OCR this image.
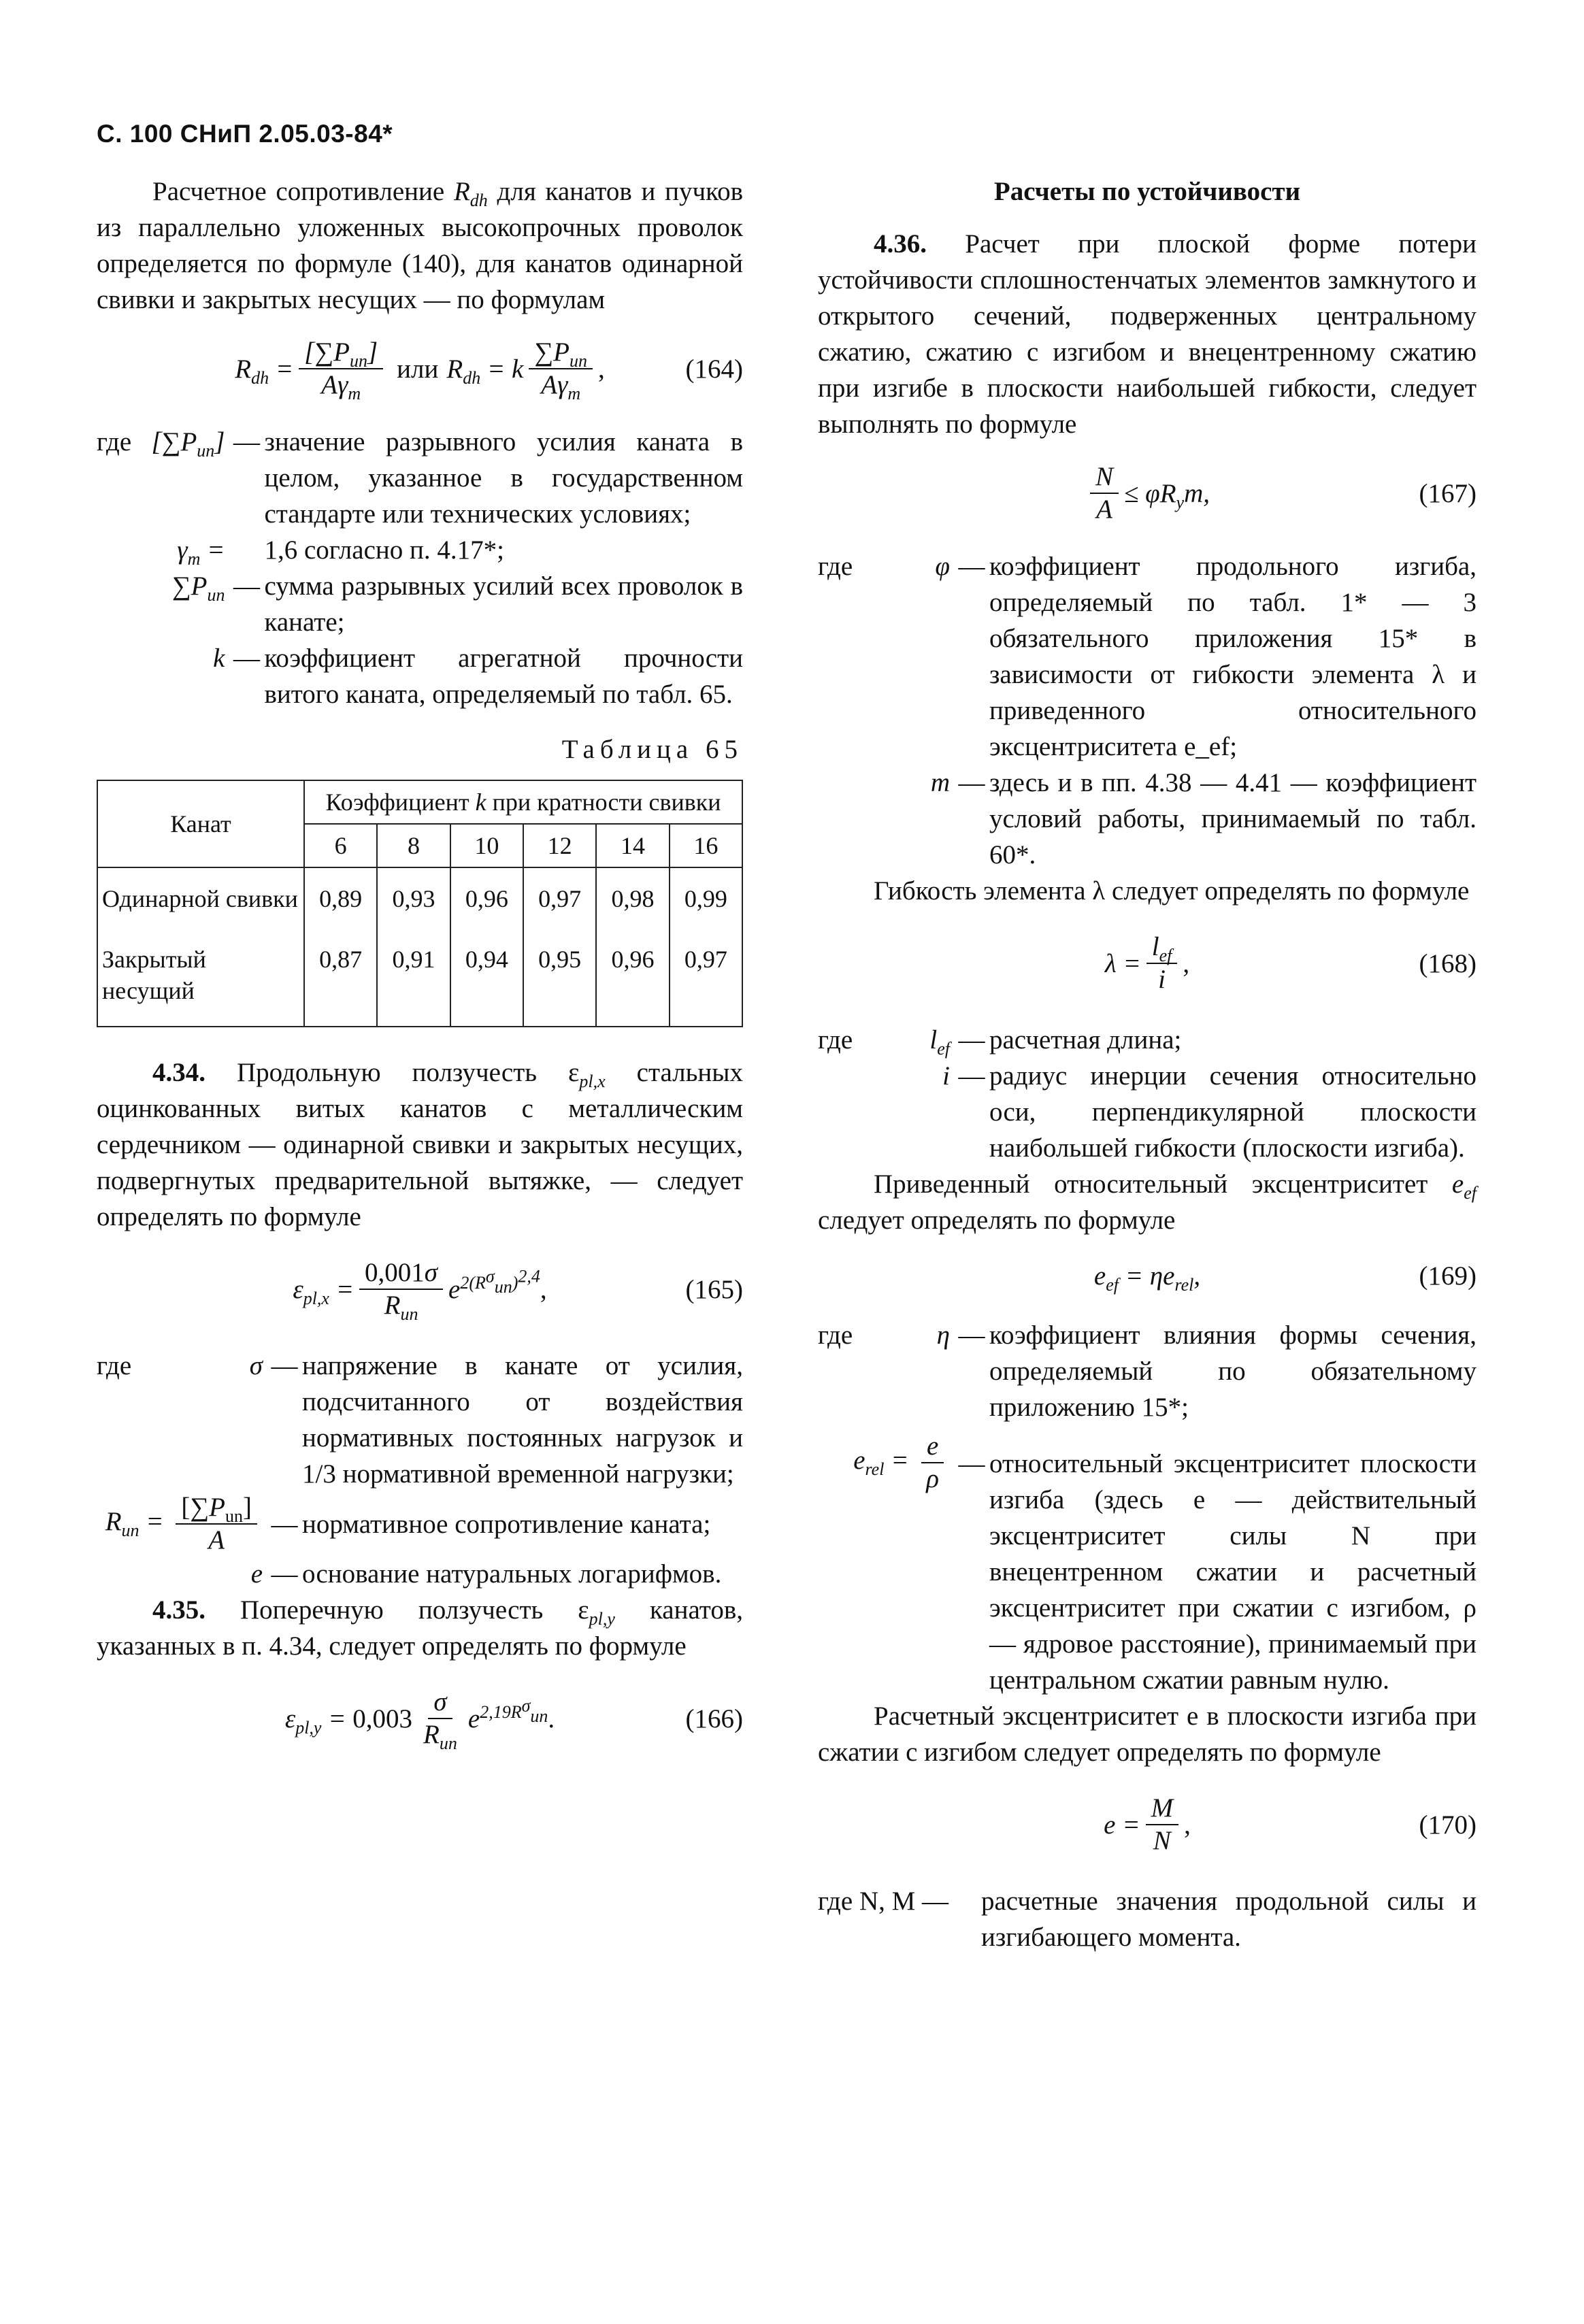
С. 100 СНиП 2.05.03-84*

Расчетное сопротивление $R_{dh}$ для канатов и пучков из параллельно уложенных высокопрочных проволок определяется по формуле (140), для канатов одинарной свивки и закрытых несущих — по формулам

$R_{dh} = \frac{[\sum P_{un}]}{A\gamma_m}$ или $R_{dh} = k \frac{\sum P_{un}}{A\gamma_m}$ ,	(164)
где   $[\sum P_{un}]$ — значение разрывного усилия каната в целом, указанное в государственном стандарте или технических условиях;
$\gamma_m = 1,6$ согласно п. 4.17*;
$\sum P_{un}$ — сумма разрывных усилий всех проволок в канате;
k — коэффициент агрегатной прочности витого каната, определяемый по табл. 65.
Таблица 65
Канат	Коэффициент k при кратности свивки					
	6	8	10	12	14	16
Одинарной свивки	0,89	0,93	0,96	0,97	0,98	0,99
Закрытый несущий	0,87	0,91	0,94	0,95	0,96	0,97

4.34. Продольную ползучесть $\varepsilon_{pl,x}$ стальных оцинкованных витых канатов с металлическим сердечником — одинарной свивки и закрытых несущих, подвергнутых предварительной вытяжке, — следует определять по формуле

$\varepsilon_{pl,x} = \frac{0,001\sigma}{R_{un}} e^{2(R^\sigma_{un})^{2,4}}$ ,	(165)
где	σ — напряжение в канате от усилия, подсчитанного от воздействия нормативных постоянных нагрузок и 1/3 нормативной временной нагрузки;
$R_{un} = \frac{[\sum P_{un}]}{A}$ — нормативное сопротивление каната;
e — основание натуральных логарифмов.

4.35. Поперечную ползучесть $\varepsilon_{pl,y}$ канатов, указанных в п. 4.34, следует определять по формуле

$\varepsilon_{pl,y} = 0,003 \frac{\sigma}{R_{un}} e^{2,19R^\sigma_{un}}$ .	(166)

Расчеты по устойчивости

4.36. Расчет при плоской форме потери устойчивости сплошностенчатых элементов замкнутого и открытого сечений, подверженных центральному сжатию, сжатию с изгибом и внецентренному сжатию при изгибе в плоскости наибольшей гибкости, следует выполнять по формуле

$\frac{N}{A} \le \varphi R_ym$,	(167)
где	φ — коэффициент продольного изгиба, определяемый по табл. 1* — 3 обязательного приложения 15* в зависимости от гибкости элемента λ и приведенного относительного эксцентриситета e_ef;
m — здесь и в пп. 4.38 — 4.41 — коэффициент условий работы, принимаемый по табл. 60*.

Гибкость элемента λ следует определять по формуле

$\lambda = \frac{l_{ef}}{i}$ ,	(168)
где	$l_{ef}$ — расчетная длина;
i — радиус инерции сечения относительно оси, перпендикулярной плоскости наибольшей гибкости (плоскости изгиба).

Приведенный относительный эксцентриситет $e_{ef}$ следует определять по формуле

$e_{ef} = \eta e_{rel}$,	(169)
где	η — коэффициент влияния формы сечения, определяемый по обязательному приложению 15*;
$e_{rel} = \frac{e}{\rho}$ — относительный эксцентриситет плоскости изгиба (здесь e — действительный эксцентриситет силы N при внецентренном сжатии и расчетный эксцентриситет при сжатии с изгибом, ρ — ядровое расстояние), принимаемый при центральном сжатии равным нулю.

Расчетный эксцентриситет e в плоскости изгиба при сжатии с изгибом следует определять по формуле

$e = \frac{M}{N}$ ,	(170)
где N, M —	расчетные значения продольной силы и изгибающего момента.
